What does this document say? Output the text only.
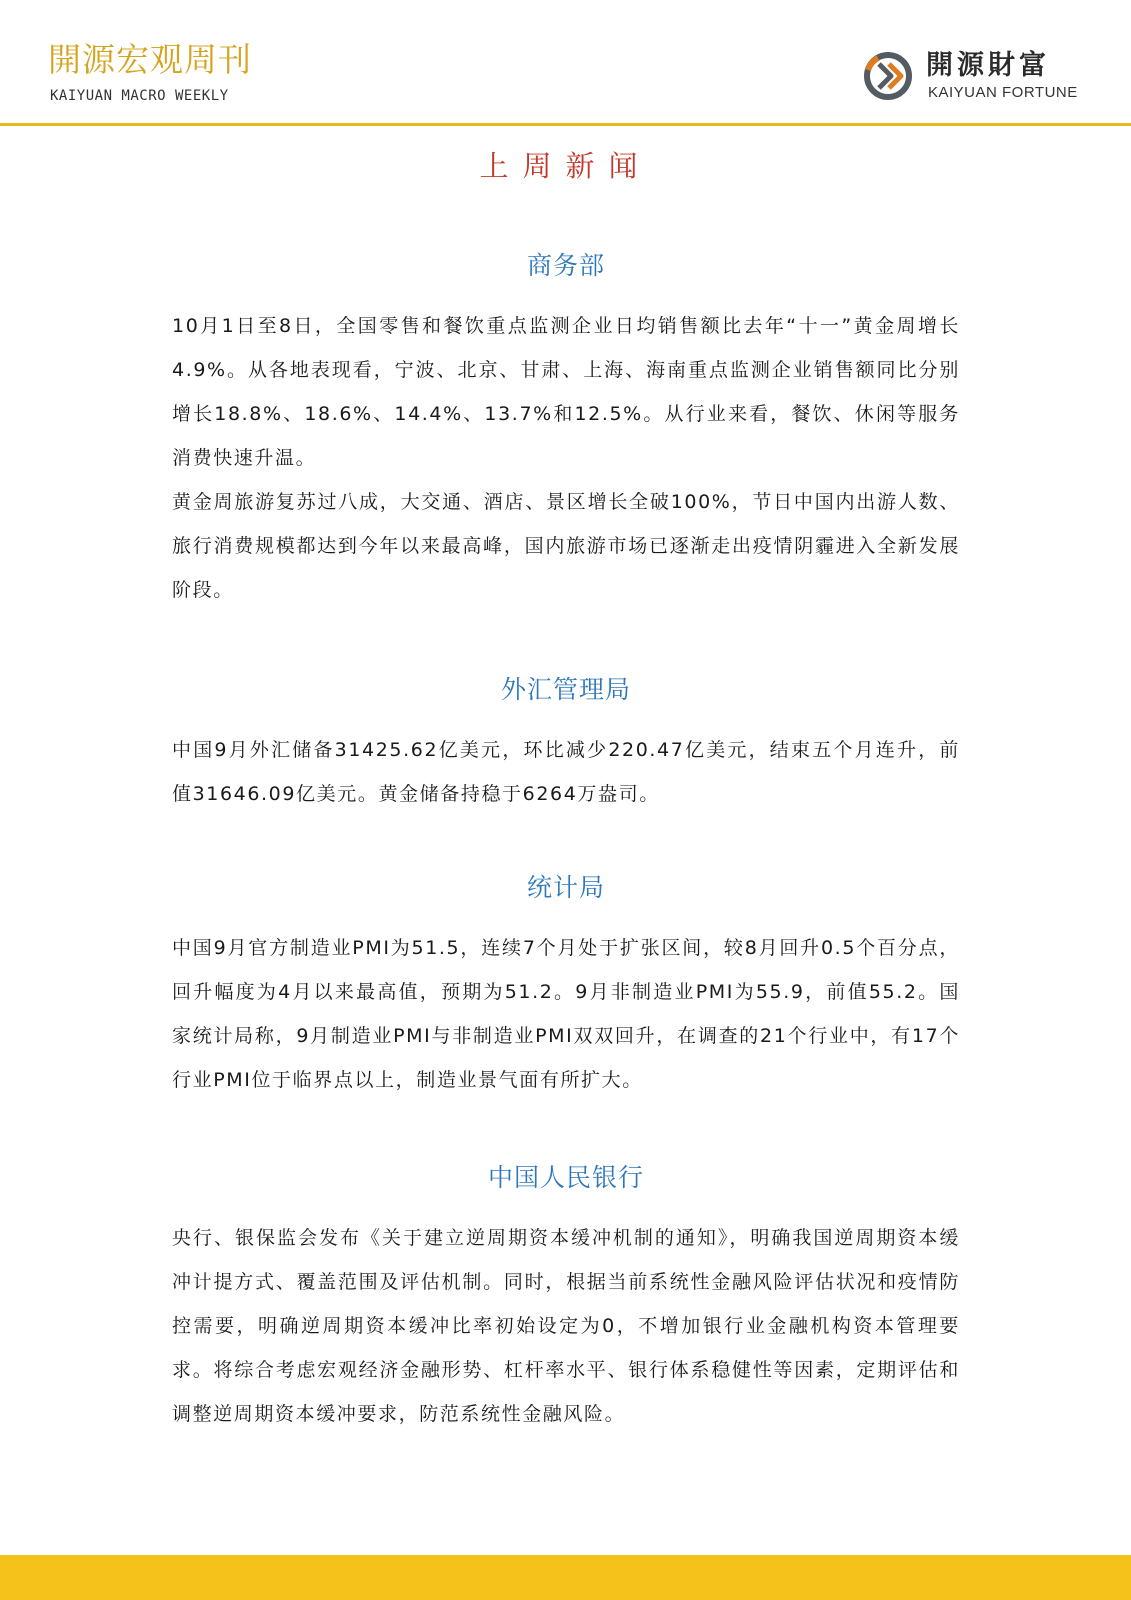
開源宏观周刊
KAIYUAN MACRO WEEKLY
開源財富
KAIYUAN FORTUNE
上周新闻
商务部

10月1日至8日，全国零售和餐饮重点监测企业日均销售额比去年“十一”黄金周增长4.9%。从各地表现看，宁波、北京、甘肃、上海、海南重点监测企业销售额同比分别增长18.8%、18.6%、14.4%、13.7%和12.5%。从行业来看，餐饮、休闲等服务消费快速升温。

黄金周旅游复苏过八成，大交通、酒店、景区增长全破100%，节日中国内出游人数、旅行消费规模都达到今年以来最高峰，国内旅游市场已逐渐走出疫情阴霾进入全新发展阶段。

外汇管理局

中国9月外汇储备31425.62亿美元，环比减少220.47亿美元，结束五个月连升，前值31646.09亿美元。黄金储备持稳于6264万盎司。

统计局

中国9月官方制造业PMI为51.5，连续7个月处于扩张区间，较8月回升0.5个百分点，回升幅度为4月以来最高值，预期为51.2。9月非制造业PMI为55.9，前值55.2。国家统计局称，9月制造业PMI与非制造业PMI双双回升，在调查的21个行业中，有17个行业PMI位于临界点以上，制造业景气面有所扩大。

中国人民银行

央行、银保监会发布《关于建立逆周期资本缓冲机制的通知》，明确我国逆周期资本缓冲计提方式、覆盖范围及评估机制。同时，根据当前系统性金融风险评估状况和疫情防控需要，明确逆周期资本缓冲比率初始设定为0，不增加银行业金融机构资本管理要求。将综合考虑宏观经济金融形势、杠杆率水平、银行体系稳健性等因素，定期评估和调整逆周期资本缓冲要求，防范系统性金融风险。
